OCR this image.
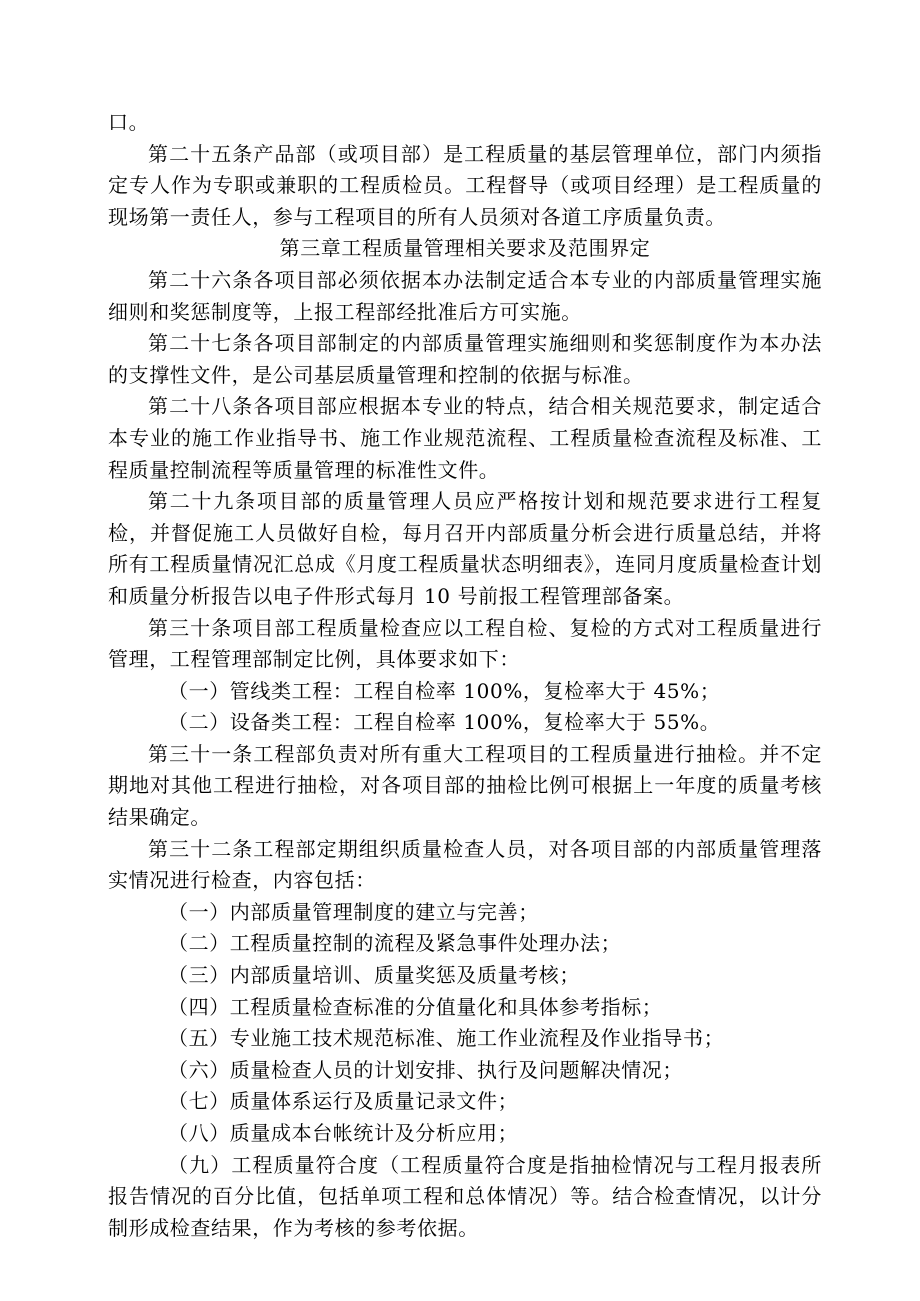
口。

第二十五条产品部（或项目部）是工程质量的基层管理单位，部门内须指定专人作为专职或兼职的工程质检员。工程督导（或项目经理）是工程质量的现场第一责任人，参与工程项目的所有人员须对各道工序质量负责。

第三章工程质量管理相关要求及范围界定

第二十六条各项目部必须依据本办法制定适合本专业的内部质量管理实施细则和奖惩制度等，上报工程部经批准后方可实施。

第二十七条各项目部制定的内部质量管理实施细则和奖惩制度作为本办法的支撑性文件，是公司基层质量管理和控制的依据与标准。

第二十八条各项目部应根据本专业的特点，结合相关规范要求，制定适合本专业的施工作业指导书、施工作业规范流程、工程质量检查流程及标准、工程质量控制流程等质量管理的标准性文件。

第二十九条项目部的质量管理人员应严格按计划和规范要求进行工程复检，并督促施工人员做好自检，每月召开内部质量分析会进行质量总结，并将所有工程质量情况汇总成《月度工程质量状态明细表》，连同月度质量检查计划和质量分析报告以电子件形式每月 10 号前报工程管理部备案。

第三十条项目部工程质量检查应以工程自检、复检的方式对工程质量进行管理，工程管理部制定比例，具体要求如下：

（一）管线类工程：工程自检率 100%，复检率大于 45%；

（二）设备类工程：工程自检率 100%，复检率大于 55%。

第三十一条工程部负责对所有重大工程项目的工程质量进行抽检。并不定期地对其他工程进行抽检，对各项目部的抽检比例可根据上一年度的质量考核结果确定。

第三十二条工程部定期组织质量检查人员，对各项目部的内部质量管理落实情况进行检查，内容包括：

（一）内部质量管理制度的建立与完善；

（二）工程质量控制的流程及紧急事件处理办法；

（三）内部质量培训、质量奖惩及质量考核；

（四）工程质量检查标准的分值量化和具体参考指标；

（五）专业施工技术规范标准、施工作业流程及作业指导书；

（六）质量检查人员的计划安排、执行及问题解决情况；

（七）质量体系运行及质量记录文件；

（八）质量成本台帐统计及分析应用；

（九）工程质量符合度（工程质量符合度是指抽检情况与工程月报表所报告情况的百分比值，包括单项工程和总体情况）等。结合检查情况，以计分制形成检查结果，作为考核的参考依据。
